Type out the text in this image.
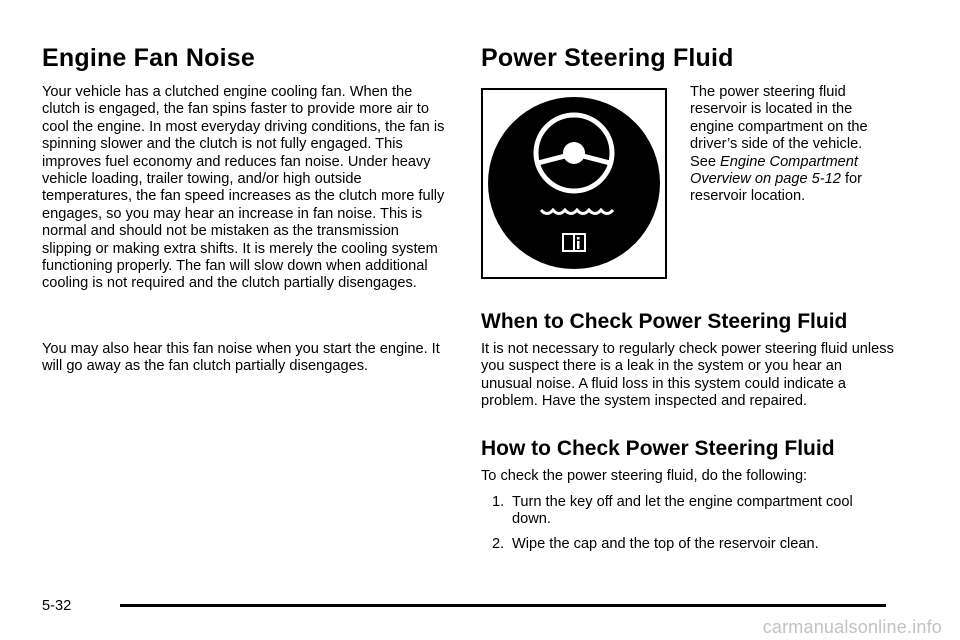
Engine Fan Noise

Your vehicle has a clutched engine cooling fan. When the clutch is engaged, the fan spins faster to provide more air to cool the engine. In most everyday driving conditions, the fan is spinning slower and the clutch is not fully engaged. This improves fuel economy and reduces fan noise. Under heavy vehicle loading, trailer towing, and/or high outside temperatures, the fan speed increases as the clutch more fully engages, so you may hear an increase in fan noise. This is normal and should not be mistaken as the transmission slipping or making extra shifts. It is merely the cooling system functioning properly. The fan will slow down when additional cooling is not required and the clutch partially disengages.

You may also hear this fan noise when you start the engine. It will go away as the fan clutch partially disengages.

Power Steering Fluid

The power steering fluid reservoir is located in the engine compartment on the driver’s side of the vehicle. See Engine Compartment Overview on page 5-12 for reservoir location.

When to Check Power Steering Fluid

It is not necessary to regularly check power steering fluid unless you suspect there is a leak in the system or you hear an unusual noise. A fluid loss in this system could indicate a problem. Have the system inspected and repaired.

How to Check Power Steering Fluid

To check the power steering fluid, do the following:

1. Turn the key off and let the engine compartment cool down.
2. Wipe the cap and the top of the reservoir clean.
5-32
carmanualsonline.info
